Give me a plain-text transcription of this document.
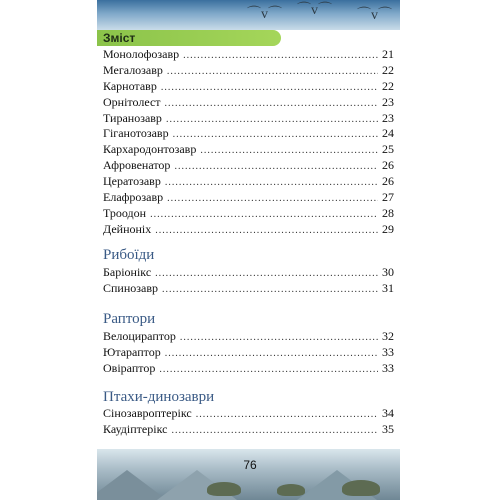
⌒v⌒ ⌒v⌒ ⌒v⌒
Зміст
Монолофозавр .....	21
Мегалозавр .....	22
Карнотавр .....	22
Орнітолест .....	23
Тиранозавр .....	23
Гіганотозавр .....	24
Кархародонтозавр .....	25
Афровенатор .....	26
Цератозавр .....	26
Елафрозавр .....	27
Троодон .....	28
Дейноніх .....	29
Рибоїди
Баріонікс .....	30
Спинозавр .....	31
Раптори
Велоцираптор .....	32
Ютараптор .....	33
Овіраптор .....	33
Птахи-динозаври
Сінозавроптерікс .....	34
Каудіптерікс .....	35
76
